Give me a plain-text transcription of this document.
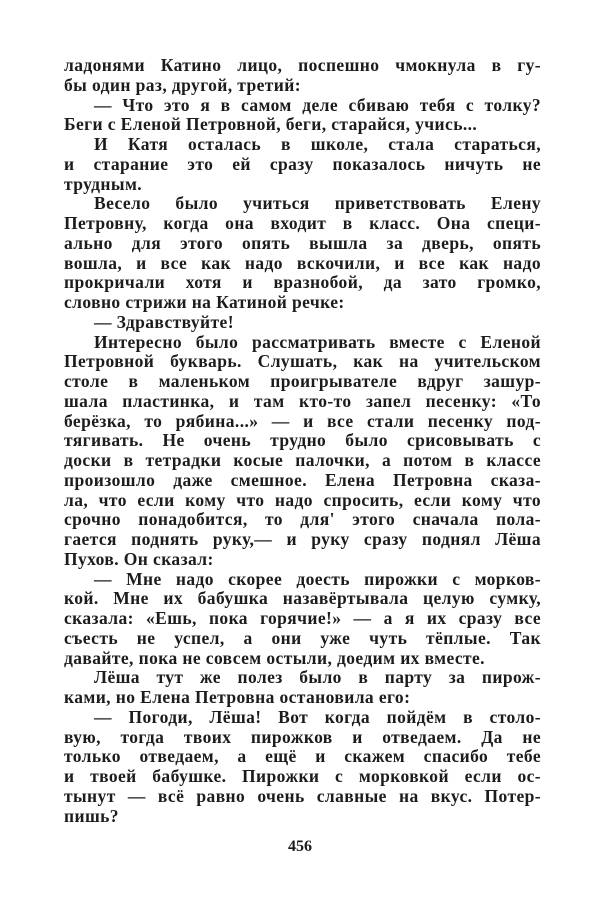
ладонями Катино лицо, поспешно чмокнула в гу-
бы один раз, другой, третий:
— Что это я в самом деле сбиваю тебя с толку?
Беги с Еленой Петровной, беги, старайся, учись...
И Катя осталась в школе, стала стараться,
и старание это ей сразу показалось ничуть не
трудным.
Весело было учиться приветствовать Елену
Петровну, когда она входит в класс. Она специ-
ально для этого опять вышла за дверь, опять
вошла, и все как надо вскочили, и все как надо
прокричали хотя и вразнобой, да зато громко,
словно стрижи на Катиной речке:
— Здравствуйте!
Интересно было рассматривать вместе с Еленой
Петровной букварь. Слушать, как на учительском
столе в маленьком проигрывателе вдруг зашур-
шала пластинка, и там кто-то запел песенку: «То
берёзка, то рябина...» — и все стали песенку под-
тягивать. Не очень трудно было срисовывать с
доски в тетрадки косые палочки, а потом в классе
произошло даже смешное. Елена Петровна сказа-
ла, что если кому что надо спросить, если кому что
срочно понадобится, то для' этого сначала пола-
гается поднять руку,— и руку сразу поднял Лёша
Пухов. Он сказал:
— Мне надо скорее доесть пирожки с морков-
кой. Мне их бабушка назавёртывала целую сумку,
сказала: «Ешь, пока горячие!» — а я их сразу все
съесть не успел, а они уже чуть тёплые. Так
давайте, пока не совсем остыли, доедим их вместе.
Лёша тут же полез было в парту за пирож-
ками, но Елена Петровна остановила его:
— Погоди, Лёша! Вот когда пойдём в столо-
вую, тогда твоих пирожков и отведаем. Да не
только отведаем, а ещё и скажем спасибо тебе
и твоей бабушке. Пирожки с морковкой если ос-
тынут — всё равно очень славные на вкус. Потер-
пишь?
456
